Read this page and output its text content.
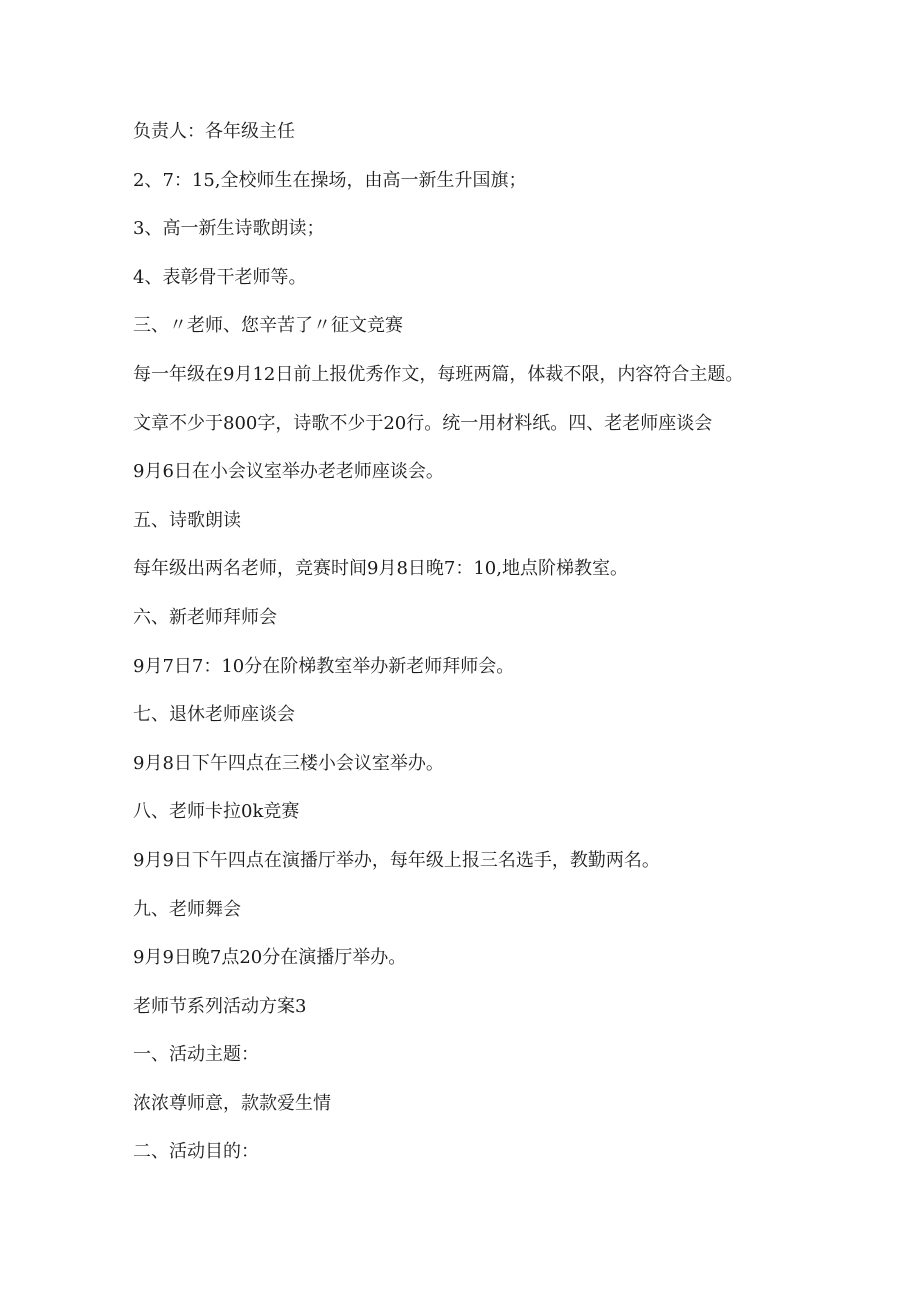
负责人：各年级主任
2、7：15,全校师生在操场，由高一新生升国旗；
3、高一新生诗歌朗读；
4、表彰骨干老师等。
三、〃老师、您辛苦了〃征文竞赛
每一年级在9月12日前上报优秀作文，每班两篇，体裁不限，内容符合主题。
文章不少于800字，诗歌不少于20行。统一用材料纸。四、老老师座谈会
9月6日在小会议室举办老老师座谈会。
五、诗歌朗读
每年级出两名老师，竞赛时间9月8日晚7：10,地点阶梯教室。
六、新老师拜师会
9月7日7：10分在阶梯教室举办新老师拜师会。
七、退休老师座谈会
9月8日下午四点在三楼小会议室举办。
八、老师卡拉0k竞赛
9月9日下午四点在演播厅举办，每年级上报三名选手，教勤两名。
九、老师舞会
9月9日晚7点20分在演播厅举办。
老师节系列活动方案3
一、活动主题：
浓浓尊师意，款款爱生情
二、活动目的：
